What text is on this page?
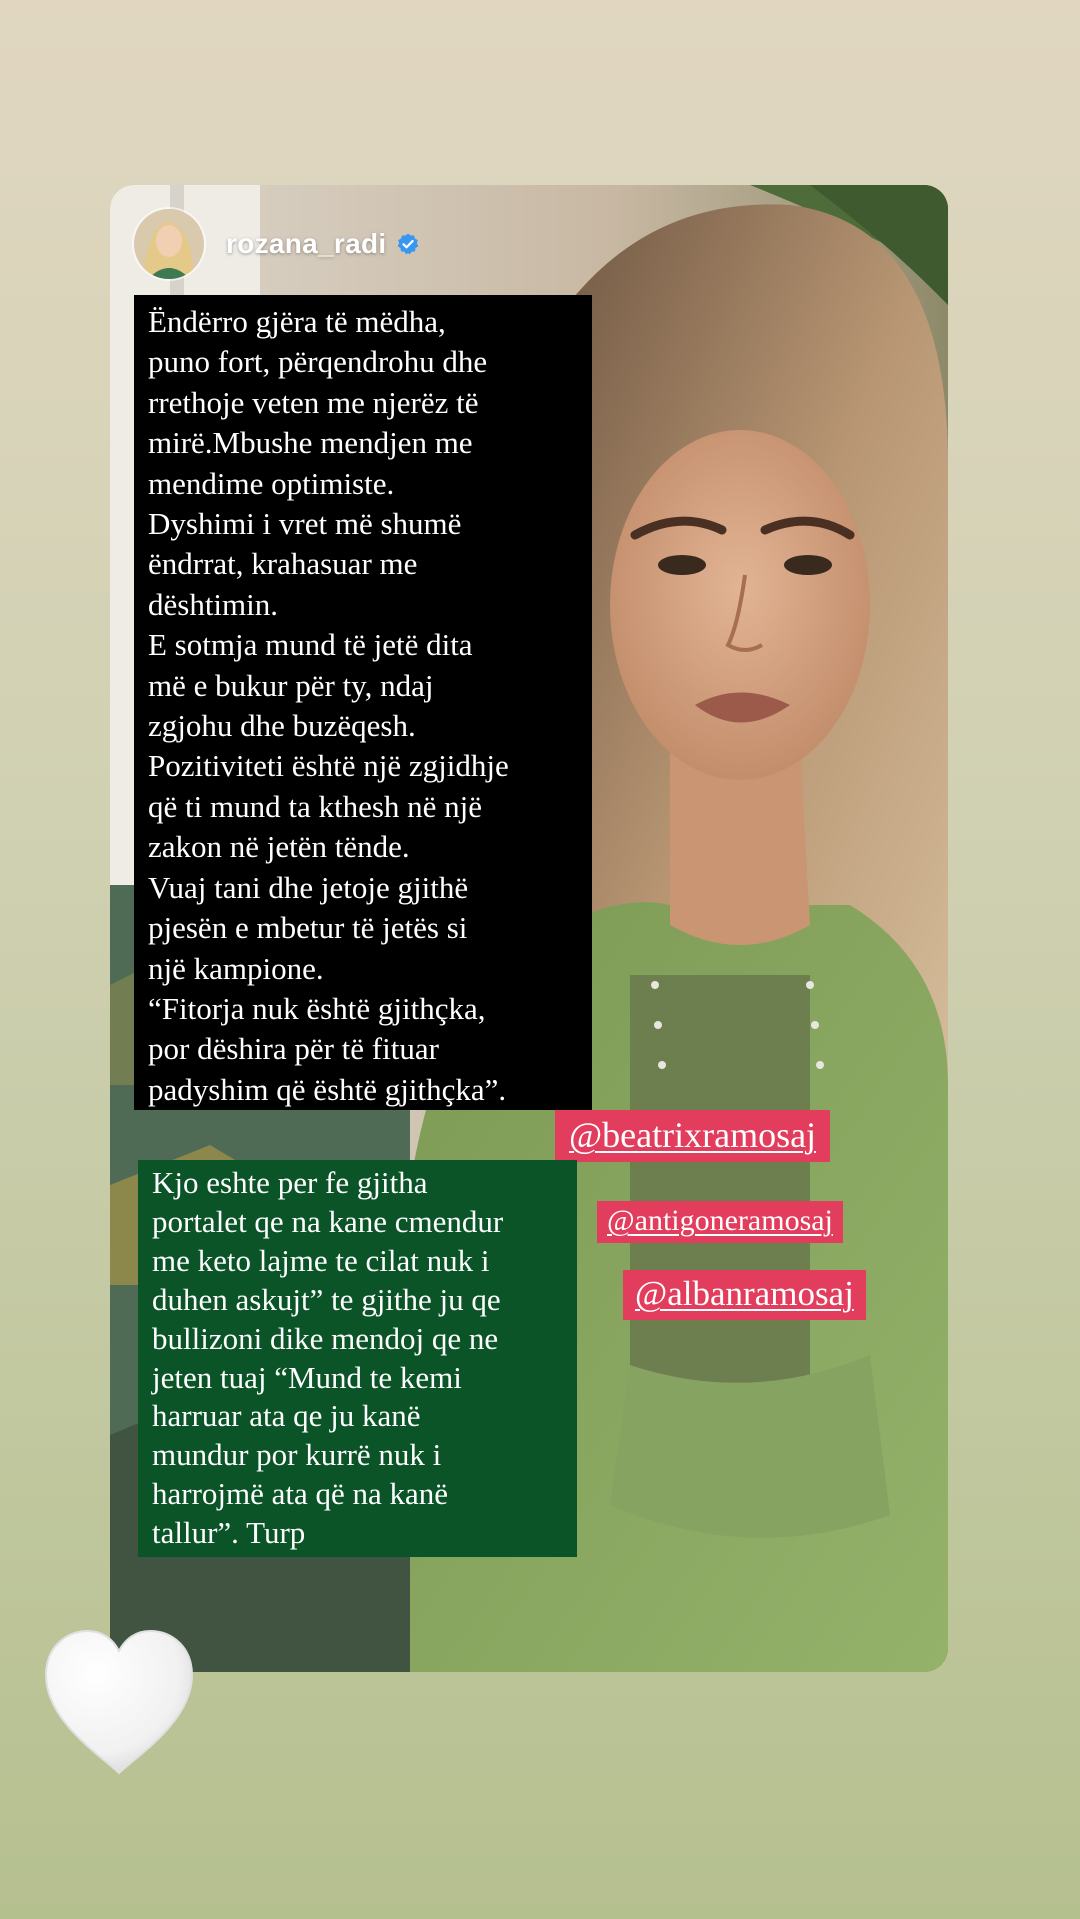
rozana_radi
Ëndërro gjëra të mëdha,
puno fort, përqendrohu dhe
rrethoje veten me njerëz të
mirë.Mbushe mendjen me
mendime optimiste.
Dyshimi i vret më shumë
ëndrrat, krahasuar me
dështimin.
E sotmja mund të jetë dita
më e bukur për ty, ndaj
zgjohu dhe buzëqesh.
Pozitiviteti është një zgjidhje
që ti mund ta kthesh në një
zakon në jetën tënde.
Vuaj tani dhe jetoje gjithë
pjesën e mbetur të jetës si
një kampione.
“Fitorja nuk është gjithçka,
por dëshira për të fituar
padyshim që është gjithçka”.
@beatrixramosaj
@antigoneramosaj
@albanramosaj
Kjo eshte per fe gjitha
portalet qe na kane cmendur
me keto lajme te cilat nuk i
duhen askujt” te gjithe ju qe
bullizoni dike mendoj qe ne
jeten tuaj “Mund te kemi
harruar ata qe ju kanë
mundur por kurrë nuk i
harrojmë ata që na kanë
tallur”. Turp
